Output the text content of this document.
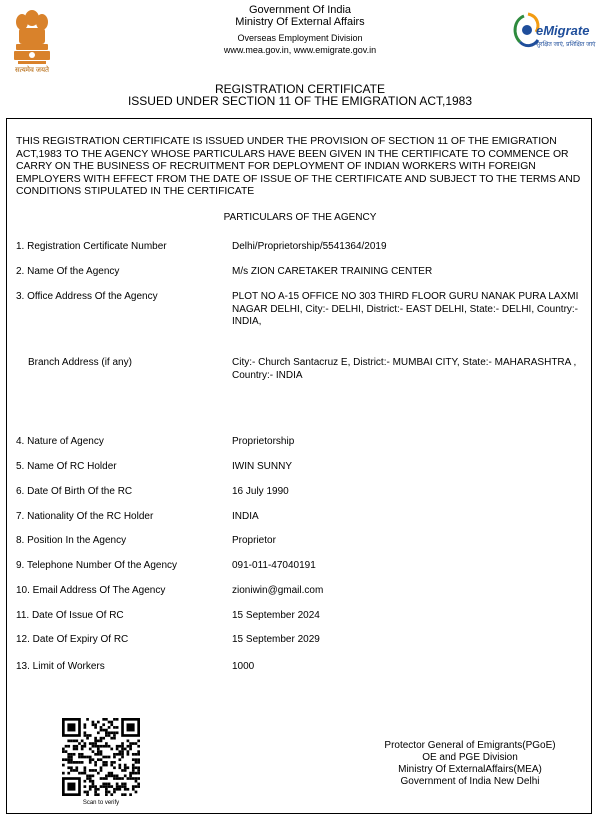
सत्यमेव जयते
Government Of India
Ministry Of External Affairs
Overseas Employment Division
www.mea.gov.in, www.emigrate.gov.in
eMigrate
सुरक्षित जाएं, प्रशिक्षित जाएं
REGISTRATION CERTIFICATE
ISSUED UNDER SECTION 11 OF THE EMIGRATION ACT,1983
THIS REGISTRATION CERTIFICATE IS ISSUED UNDER THE PROVISION OF SECTION 11 OF THE EMIGRATION ACT,1983 TO THE AGENCY WHOSE PARTICULARS HAVE BEEN GIVEN IN THE CERTIFICATE TO COMMENCE OR CARRY ON THE BUSINESS OF RECRUITMENT FOR DEPLOYMENT OF INDIAN WORKERS WITH FOREIGN EMPLOYERS WITH EFFECT FROM THE DATE OF ISSUE OF THE CERTIFICATE AND SUBJECT TO THE TERMS AND CONDITIONS STIPULATED IN THE CERTIFICATE
PARTICULARS OF THE AGENCY
1. Registration Certificate Number	Delhi/Proprietorship/5541364/2019
2. Name Of the Agency	M/s ZION CARETAKER TRAINING CENTER
3. Office Address Of the Agency	PLOT NO A-15 OFFICE NO 303 THIRD FLOOR GURU NANAK PURA LAXMI NAGAR DELHI, City:- DELHI, District:- EAST DELHI, State:- DELHI, Country:- INDIA,
Branch Address (if any)	City:- Church Santacruz E, District:- MUMBAI CITY, State:- MAHARASHTRA , Country:- INDIA
4. Nature of Agency	Proprietorship
5. Name Of RC Holder	IWIN SUNNY
6. Date Of Birth Of the RC	16 July 1990
7. Nationality Of the RC Holder	INDIA
8. Position In the Agency	Proprietor
9. Telephone Number Of the Agency	091-011-47040191
10. Email Address Of The Agency	zioniwin@gmail.com
11. Date Of Issue Of RC	15 September 2024
12. Date Of Expiry Of RC	15 September 2029
13. Limit of Workers	1000
Scan to verify
Protector General of Emigrants(PGoE)
OE and PGE Division
Ministry Of ExternalAffairs(MEA)
Government of India New Delhi
